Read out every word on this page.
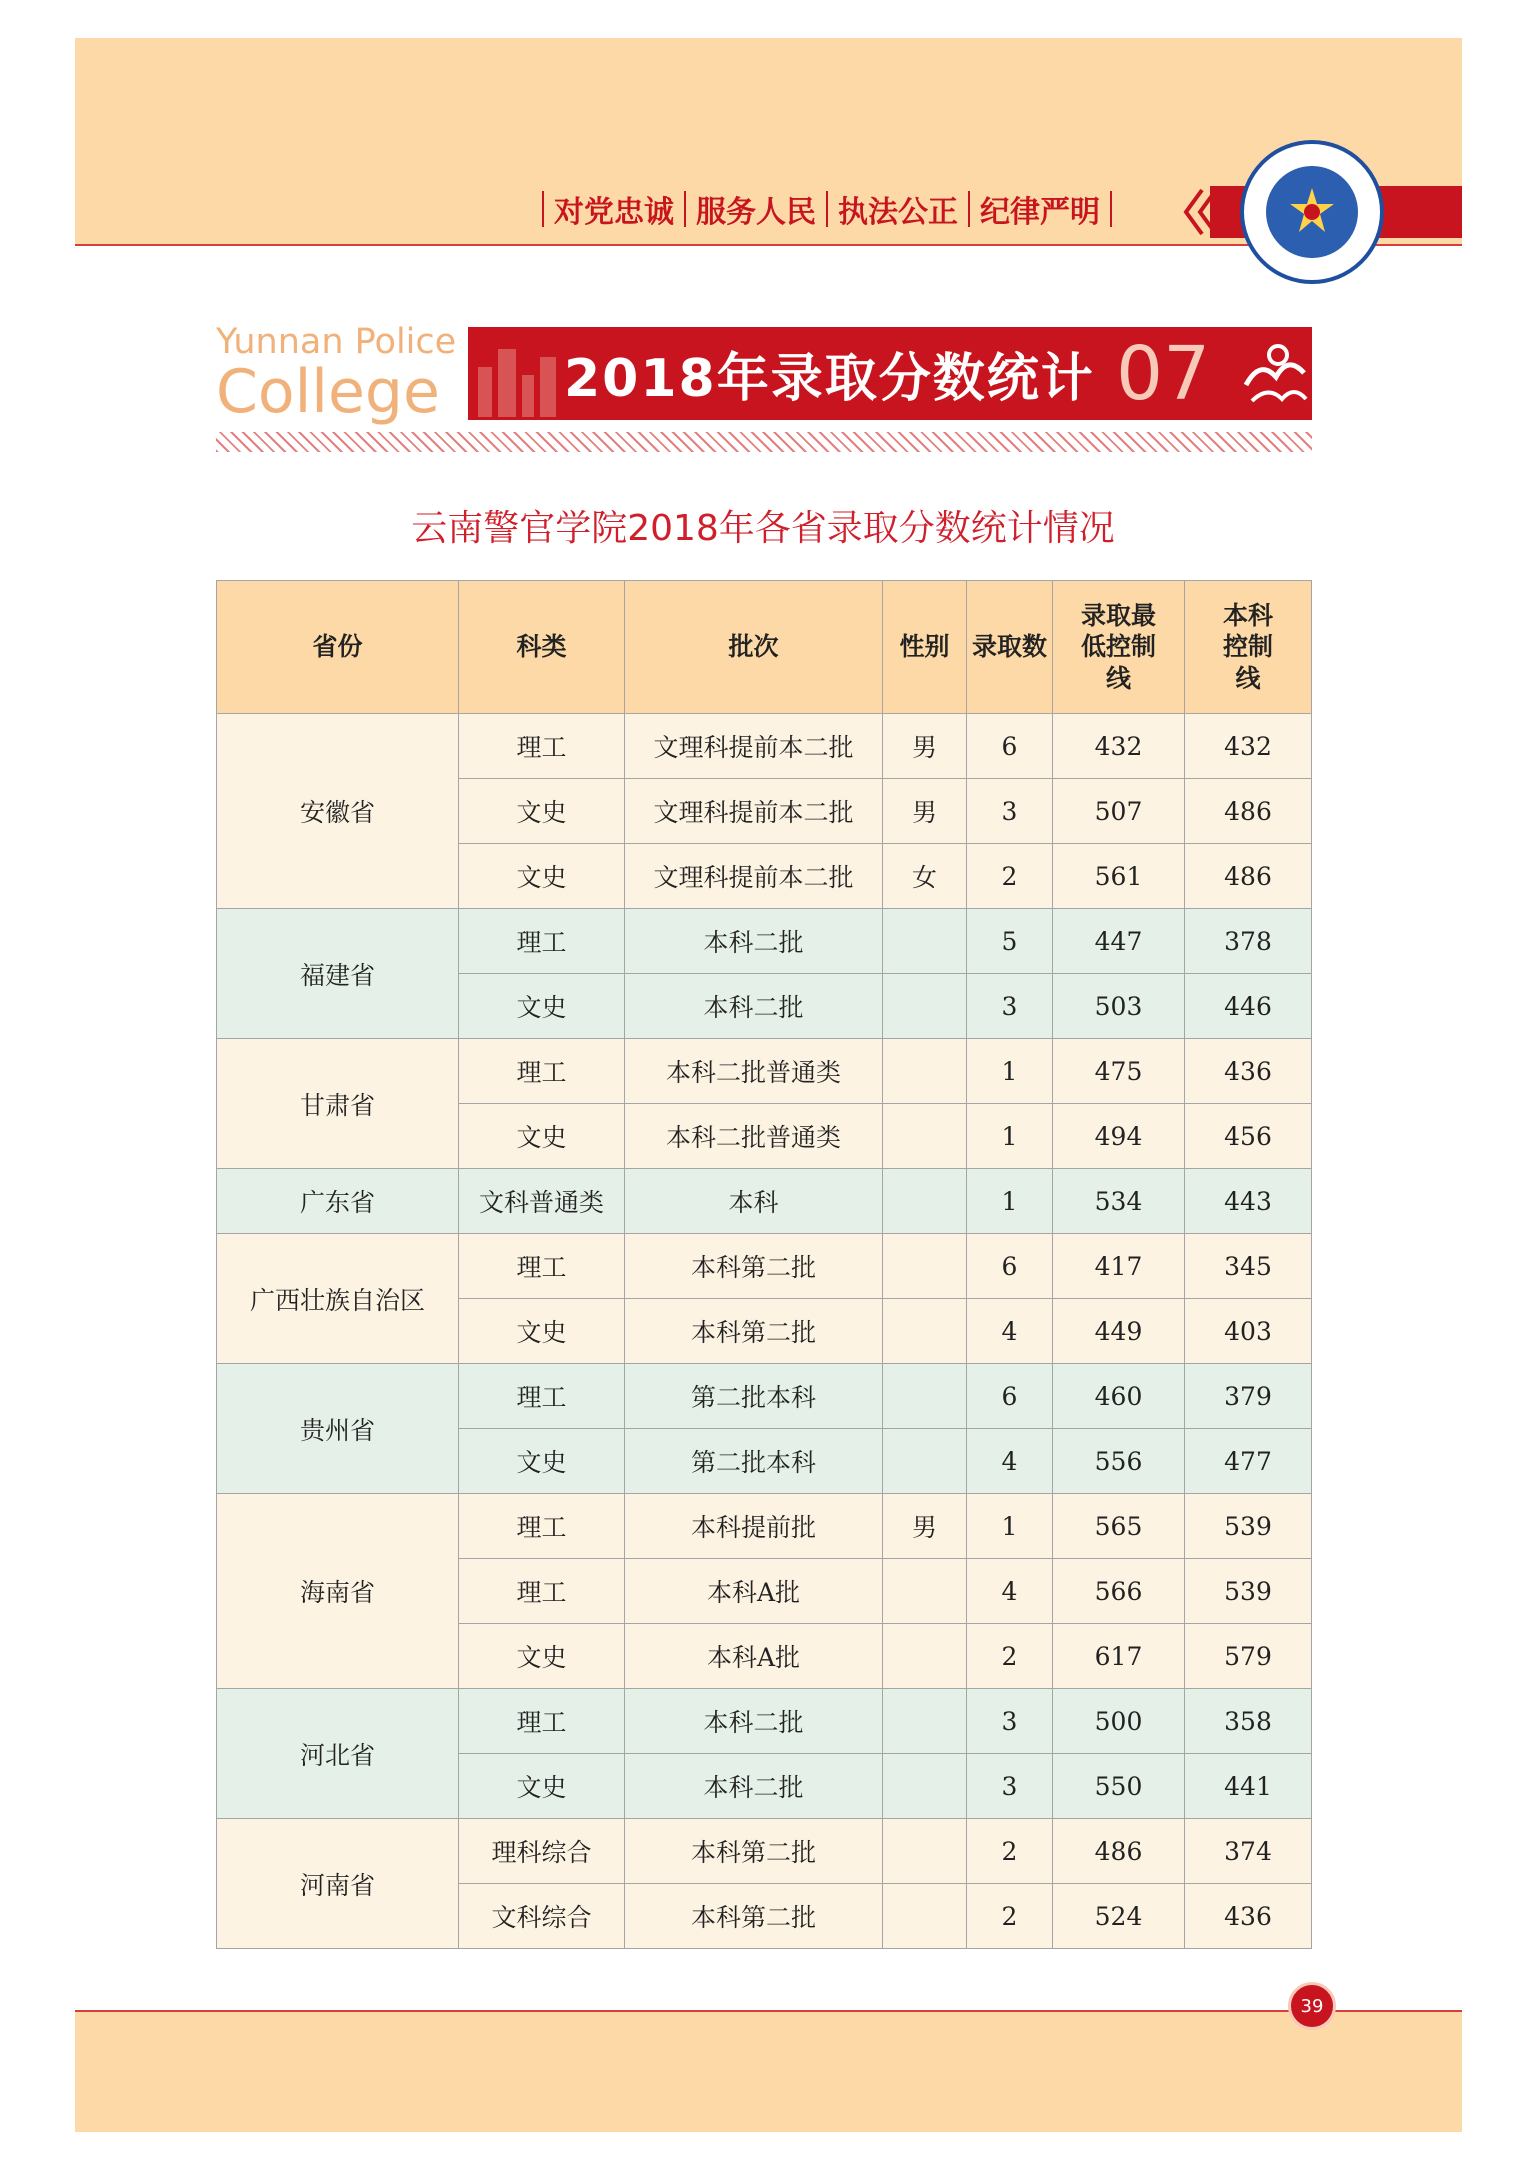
对党忠诚 服务人民 执法公正 纪律严明
Yunnan Police
College	2018年录取分数统计 07
云南警官学院2018年各省录取分数统计情况
省份	科类	批次	性别	录取数	录取最低控制线	本科控制线
安徽省	理工	文理科提前本二批	男	6	432	432
	文史	文理科提前本二批	男	3	507	486
	文史	文理科提前本二批	女	2	561	486
福建省	理工	本科二批		5	447	378
	文史	本科二批		3	503	446
甘肃省	理工	本科二批普通类		1	475	436
	文史	本科二批普通类		1	494	456
广东省	文科普通类	本科		1	534	443
广西壮族自治区	理工	本科第二批		6	417	345
	文史	本科第二批		4	449	403
贵州省	理工	第二批本科		6	460	379
	文史	第二批本科		4	556	477
海南省	理工	本科提前批	男	1	565	539
	理工	本科A批		4	566	539
	文史	本科A批		2	617	579
河北省	理工	本科二批		3	500	358
	文史	本科二批		3	550	441
河南省	理科综合	本科第二批		2	486	374
	文科综合	本科第二批		2	524	436
39
